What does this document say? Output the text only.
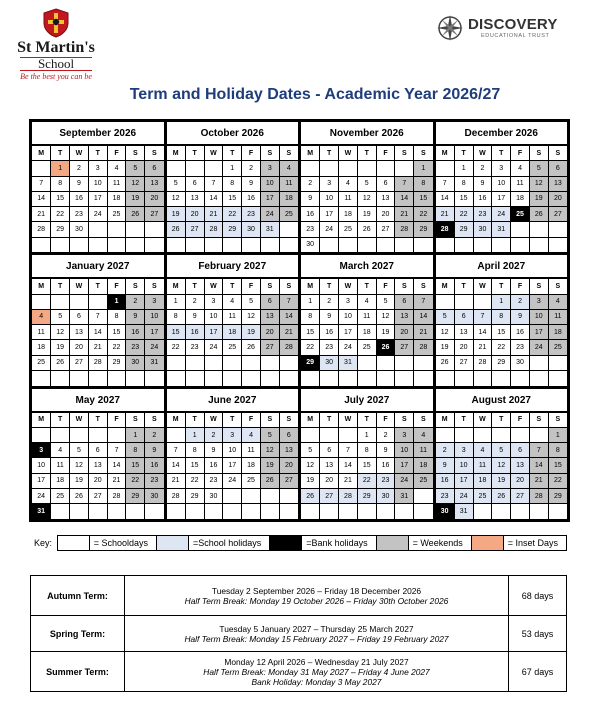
St Martin's
School
Be the best you can be
DISCOVERY
EDUCATIONAL TRUST
Term and Holiday Dates - Academic Year 2026/27
September 2026
M	T	W	T	F	S	S
	1	2	3	4	5	6
7	8	9	10	11	12	13
14	15	16	17	18	19	20
21	22	23	24	25	26	27
28	29	30				

October 2026
M	T	W	T	F	S	S
			1	2	3	4
5	6	7	8	9	10	11
12	13	14	15	16	17	18
19	20	21	22	23	24	25
26	27	28	29	30	31	

November 2026
M	T	W	T	F	S	S
						1
2	3	4	5	6	7	8
9	10	11	12	13	14	15
16	17	18	19	20	21	22
23	24	25	26	27	28	29
30						
December 2026
M	T	W	T	F	S	S
	1	2	3	4	5	6
7	8	9	10	11	12	13
14	15	16	17	18	19	20
21	22	23	24	25	26	27
28	29	30	31			

January 2027
M	T	W	T	F	S	S
				1	2	3
4	5	6	7	8	9	10
11	12	13	14	15	16	17
18	19	20	21	22	23	24
25	26	27	28	29	30	31

February 2027
M	T	W	T	F	S	S
1	2	3	4	5	6	7
8	9	10	11	12	13	14
15	16	17	18	19	20	21
22	23	24	25	26	27	28

March 2027
M	T	W	T	F	S	S
1	2	3	4	5	6	7
8	9	10	11	12	13	14
15	16	17	18	19	20	21
22	23	24	25	26	27	28
29	30	31				

April 2027
M	T	W	T	F	S	S
			1	2	3	4
5	6	7	8	9	10	11
12	13	14	15	16	17	18
19	20	21	22	23	24	25
26	27	28	29	30		

May 2027
M	T	W	T	F	S	S
					1	2
3	4	5	6	7	8	9
10	11	12	13	14	15	16
17	18	19	20	21	22	23
24	25	26	27	28	29	30
31						
June 2027
M	T	W	T	F	S	S
	1	2	3	4	5	6
7	8	9	10	11	12	13
14	15	16	17	18	19	20
21	22	23	24	25	26	27
28	29	30				

July 2027
M	T	W	T	F	S	S
			1	2	3	4
5	6	7	8	9	10	11
12	13	14	15	16	17	18
19	20	21	22	23	24	25
26	27	28	29	30	31	

August 2027
M	T	W	T	F	S	S
						1
2	3	4	5	6	7	8
9	10	11	12	13	14	15
16	17	18	19	20	21	22
23	24	25	26	27	28	29
30	31					
Key:	= Schooldays	=School holidays	=Bank holidays	= Weekends	= Inset Days
Autumn Term:	Tuesday 2 September 2026 – Friday 18 December 2026
Half Term Break: Monday 19 October 2026 – Friday 30th October 2026	68 days
Spring Term:	Tuesday 5 January 2027 – Thursday 25 March 2027
Half Term Break: Monday 15 February 2027 – Friday 19 February 2027	53 days
Summer Term:	Monday 12 April 2026 – Wednesday 21 July 2027
Half Term Break: Monday 31 May 2027 – Friday 4 June 2027
Bank Holiday: Monday 3 May 2027	67 days
